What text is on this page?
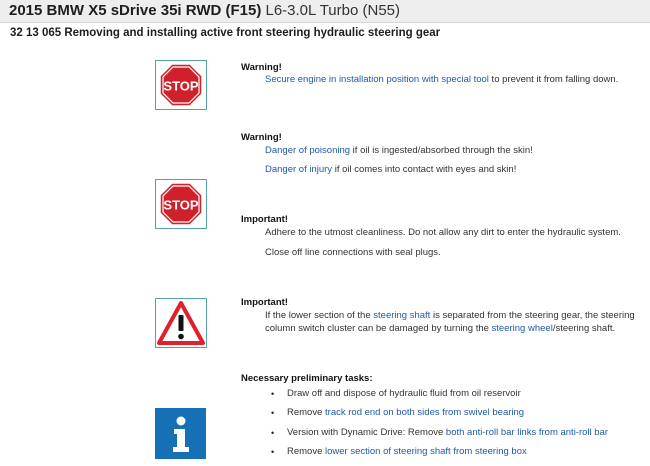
2015 BMW X5 sDrive 35i RWD (F15) L6-3.0L Turbo (N55)
32 13 065 Removing and installing active front steering hydraulic steering gear
STOP
Warning!
Secure engine in installation position with special tool to prevent it from falling down.
Warning!
Danger of poisoning if oil is ingested/absorbed through the skin!
Danger of injury if oil comes into contact with eyes and skin!
STOP
Important!
Adhere to the utmost cleanliness. Do not allow any dirt to enter the hydraulic system.
Close off line connections with seal plugs.
Important!
If the lower section of the steering shaft is separated from the steering gear, the steering
column switch cluster can be damaged by turning the steering wheel/steering shaft.
Necessary preliminary tasks:
• Draw off and dispose of hydraulic fluid from oil reservoir
• Remove track rod end on both sides from swivel bearing
• Version with Dynamic Drive: Remove both anti-roll bar links from anti-roll bar
• Remove lower section of steering shaft from steering box
